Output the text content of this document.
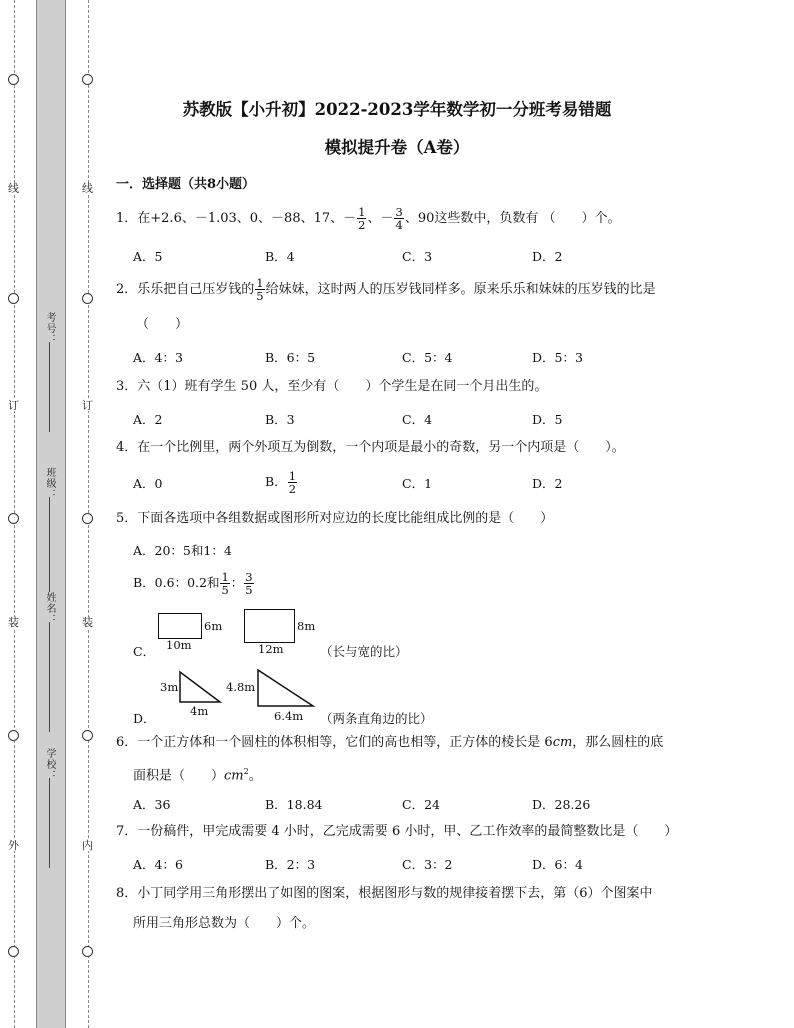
线
订
装
外
线
订
装
内
考号：
班级：
姓名：
学校：
苏教版【小升初】2022-2023学年数学初一分班考易错题
模拟提升卷（A卷）
一．选择题（共8小题）
1．在+2.6、－1.03、0、－88、17、－ $\frac{1}{2}$ 、－ $\frac{3}{4}$ 、90这些数中，负数有 （　　）个。
A．5	B．4	C．3	D．2
2．乐乐把自己压岁钱的 $\frac{1}{5}$ 给妹妹，这时两人的压岁钱同样多。原来乐乐和妹妹的压岁钱的比是
（　　）
A．4：3	B．6：5	C．5：4	D．5：3
3．六（1）班有学生 50 人，至少有（　　）个学生是在同一个月出生的。
A．2	B．3	C．4	D．5
4．在一个比例里，两个外项互为倒数，一个内项是最小的奇数，另一个内项是（　　）。
A．0	B． $\frac{1}{2}$	C．1	D．2
5．下面各选项中各组数据或图形所对应边的长度比能组成比例的是（　　）
A．20：5和1：4
B．0.6：0.2和 $\frac{1}{5}$ ： $\frac{3}{5}$
C． 10m
6m
12m
8m
（长与宽的比）
D．
3m
4m
4.8m
6.4m （两条直角边的比）
6．一个正方体和一个圆柱的体积相等，它们的高也相等，正方体的棱长是 6cm，那么圆柱的底
面积是（　　）$cm^2$。
A．36	B．18.84	C．24	D．28.26
7．一份稿件，甲完成需要 4 小时，乙完成需要 6 小时，甲、乙工作效率的最简整数比是（　　）
A．4：6	B．2：3	C．3：2	D．6：4
8．小丁同学用三角形摆出了如图的图案，根据图形与数的规律接着摆下去，第（6）个图案中
所用三角形总数为（　　）个。
